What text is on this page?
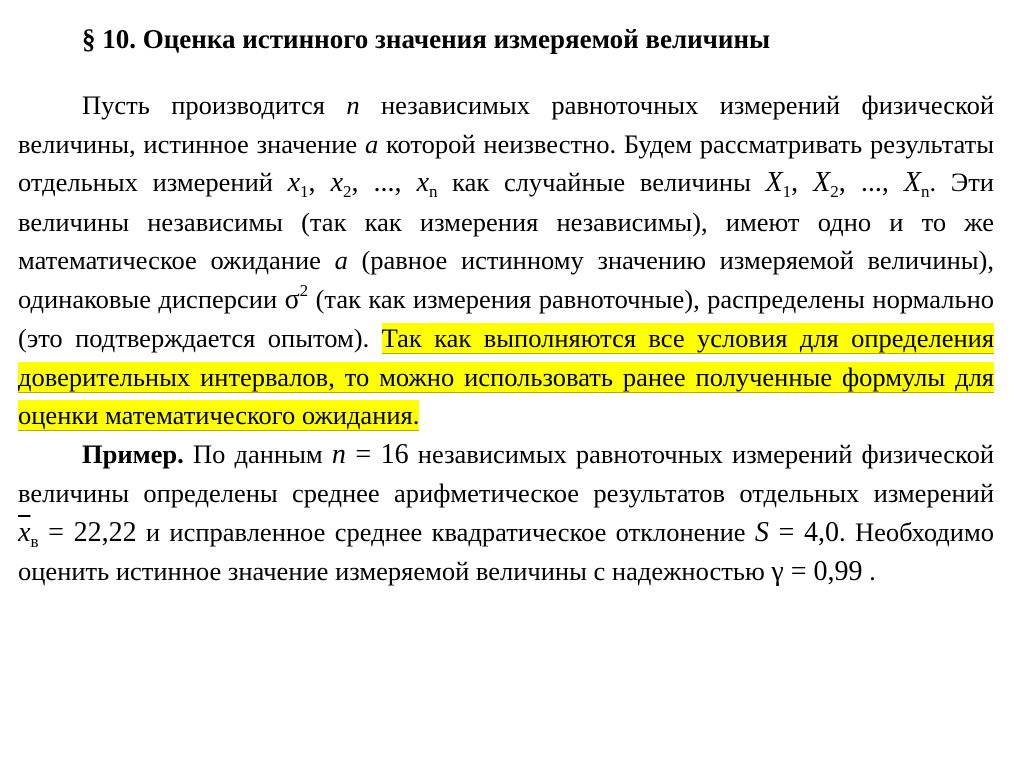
§ 10. Оценка истинного значения измеряемой величины

Пусть производится n независимых равноточных измерений физической величины, истинное значение a которой неизвестно. Будем рассматривать результаты отдельных измерений $x_1$, $x_2$, ..., $x_n$ как случайные величины $X_1$, $X_2$, ..., $X_n$. Эти величины независимы (так как измерения независимы), имеют одно и то же математическое ожидание a (равное истинному значению измеряемой величины), одинаковые дисперсии $\sigma^2$ (так как измерения равноточные), распределены нормально (это подтверждается опытом). Так как выполняются все условия для определения доверительных интервалов, то можно использовать ранее полученные формулы для оценки математического ожидания.

Пример. По данным n = 16 независимых равноточных измерений физической величины определены среднее арифметическое результатов отдельных измерений $\overline{x}_в = 22,22$ и исправленное среднее квадратическое отклонение S = 4,0. Необходимо оценить истинное значение измеряемой величины с надежностью γ = 0,99 .
